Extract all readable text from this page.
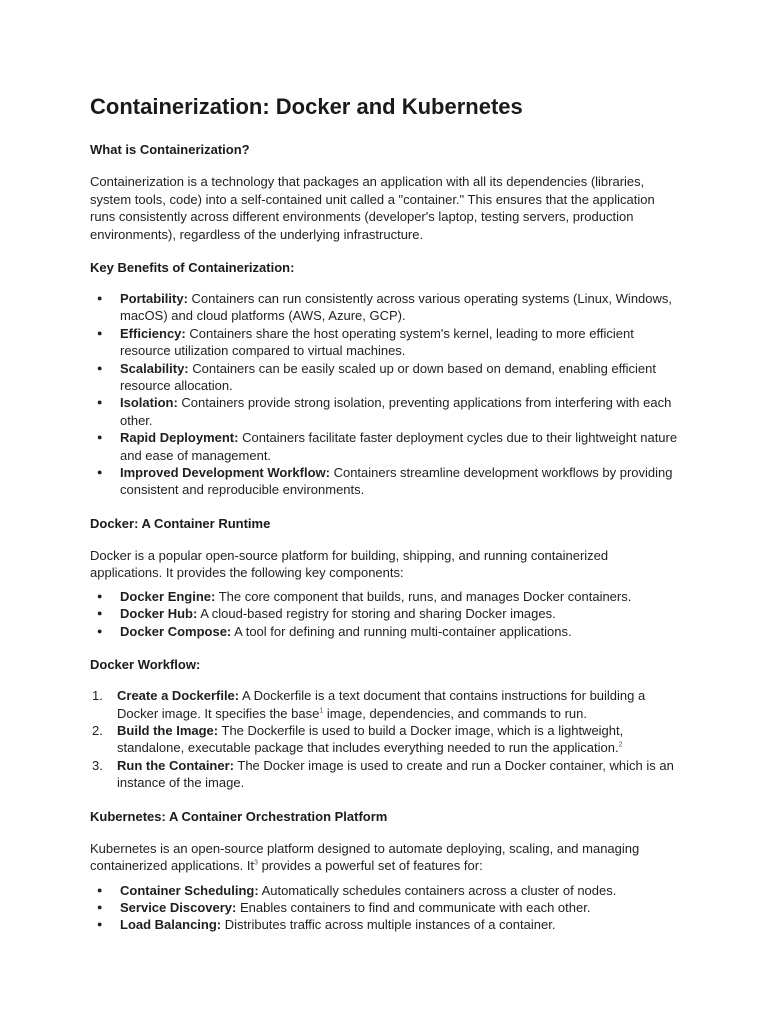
Containerization: Docker and Kubernetes
What is Containerization?

Containerization is a technology that packages an application with all its dependencies (libraries, system tools, code) into a self-contained unit called a "container." This ensures that the application runs consistently across different environments (developer's laptop, testing servers, production environments), regardless of the underlying infrastructure.

Key Benefits of Containerization:
● Portability: Containers can run consistently across various operating systems (Linux, Windows, macOS) and cloud platforms (AWS, Azure, GCP).
● Efficiency: Containers share the host operating system's kernel, leading to more efficient resource utilization compared to virtual machines.
● Scalability: Containers can be easily scaled up or down based on demand, enabling efficient resource allocation.
● Isolation: Containers provide strong isolation, preventing applications from interfering with each other.
● Rapid Deployment: Containers facilitate faster deployment cycles due to their lightweight nature and ease of management.
● Improved Development Workflow: Containers streamline development workflows by providing consistent and reproducible environments.
Docker: A Container Runtime

Docker is a popular open-source platform for building, shipping, and running containerized applications. It provides the following key components:

● Docker Engine: The core component that builds, runs, and manages Docker containers.
● Docker Hub: A cloud-based registry for storing and sharing Docker images.
● Docker Compose: A tool for defining and running multi-container applications.
Docker Workflow:
1. Create a Dockerfile: A Dockerfile is a text document that contains instructions for building a Docker image. It specifies the base$^1$ image, dependencies, and commands to run.
2. Build the Image: The Dockerfile is used to build a Docker image, which is a lightweight, standalone, executable package that includes everything needed to run the application.$^2$
3. Run the Container: The Docker image is used to create and run a Docker container, which is an instance of the image.
Kubernetes: A Container Orchestration Platform

Kubernetes is an open-source platform designed to automate deploying, scaling, and managing containerized applications. It$^3$ provides a powerful set of features for:

● Container Scheduling: Automatically schedules containers across a cluster of nodes.
● Service Discovery: Enables containers to find and communicate with each other.
● Load Balancing: Distributes traffic across multiple instances of a container.
